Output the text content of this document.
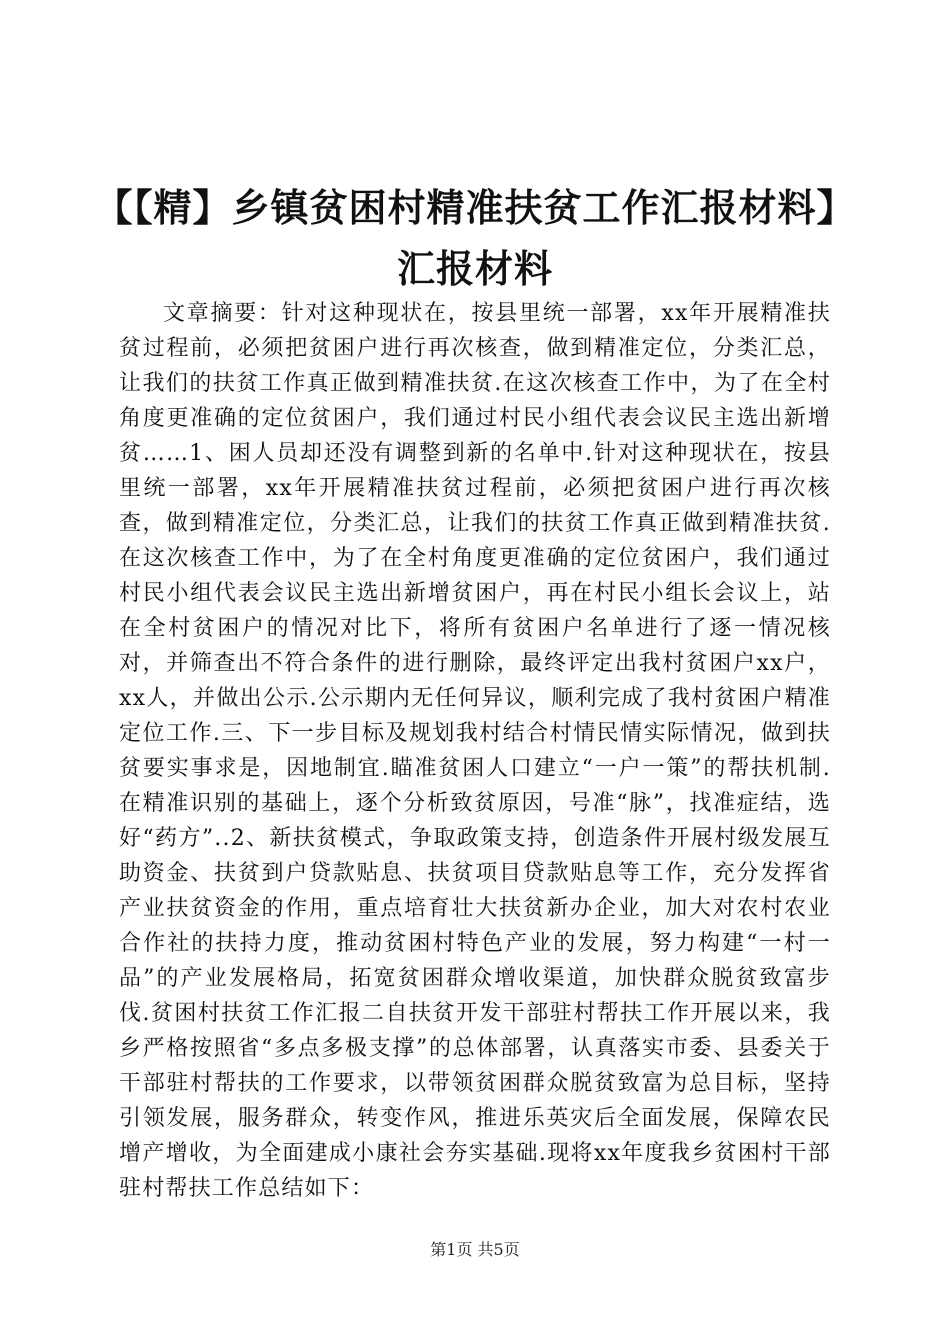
【【精】乡镇贫困村精准扶贫工作汇报材料】
汇报材料

文章摘要：针对这种现状在，按县里统一部署，xx年开展精准扶贫过程前，必须把贫困户进行再次核查，做到精准定位，分类汇总，让我们的扶贫工作真正做到精准扶贫.在这次核查工作中，为了在全村角度更准确的定位贫困户，我们通过村民小组代表会议民主选出新增贫……1、困人员却还没有调整到新的名单中.针对这种现状在，按县里统一部署，xx年开展精准扶贫过程前，必须把贫困户进行再次核查，做到精准定位，分类汇总，让我们的扶贫工作真正做到精准扶贫.在这次核查工作中，为了在全村角度更准确的定位贫困户，我们通过村民小组代表会议民主选出新增贫困户，再在村民小组长会议上，站在全村贫困户的情况对比下，将所有贫困户名单进行了逐一情况核对，并筛查出不符合条件的进行删除，最终评定出我村贫困户xx户，xx人，并做出公示.公示期内无任何异议，顺利完成了我村贫困户精准定位工作.三、下一步目标及规划我村结合村情民情实际情况，做到扶贫要实事求是，因地制宜.瞄准贫困人口建立“一户一策”的帮扶机制.在精准识别的基础上，逐个分析致贫原因，号准“脉”，找准症结，选好“药方”..2、新扶贫模式，争取政策支持，创造条件开展村级发展互助资金、扶贫到户贷款贴息、扶贫项目贷款贴息等工作，充分发挥省产业扶贫资金的作用，重点培育壮大扶贫新办企业，加大对农村农业合作社的扶持力度，推动贫困村特色产业的发展，努力构建“一村一品”的产业发展格局，拓宽贫困群众增收渠道，加快群众脱贫致富步伐.贫困村扶贫工作汇报二自扶贫开发干部驻村帮扶工作开展以来，我乡严格按照省“多点多极支撑”的总体部署，认真落实市委、县委关于干部驻村帮扶的工作要求，以带领贫困群众脱贫致富为总目标，坚持引领发展，服务群众，转变作风，推进乐英灾后全面发展，保障农民增产增收，为全面建成小康社会夯实基础.现将xx年度我乡贫困村干部驻村帮扶工作总结如下：

第1页 共5页
